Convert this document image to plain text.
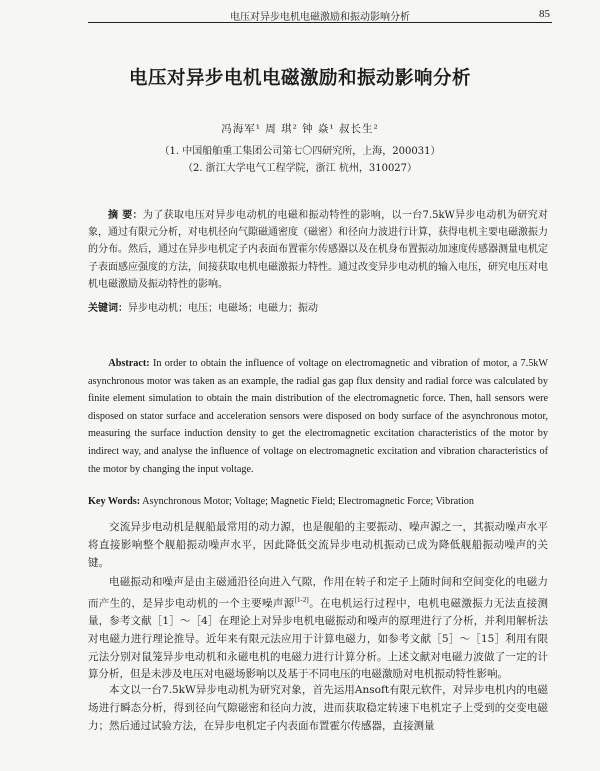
电压对异步电机电磁激励和振动影响分析	85
电压对异步电机电磁激励和振动影响分析
冯海军¹ 周 琪² 钟 焱¹ 叔长生²
（1. 中国船舶重工集团公司第七〇四研究所，上海，200031）
（2. 浙江大学电气工程学院，浙江 杭州，310027）
摘 要：为了获取电压对异步电动机的电磁和振动特性的影响，以一台7.5kW异步电动机为研究对象，通过有限元分析，对电机径向气隙磁通密度（磁密）和径向力波进行计算，获得电机主要电磁激振力的分布。然后，通过在异步电机定子内表面布置霍尔传感器以及在机身布置振动加速度传感器测量电机定子表面感应强度的方法，间接获取电机电磁激振力特性。通过改变异步电动机的输入电压，研究电压对电机电磁激励及振动特性的影响。
关键词：异步电动机；电压；电磁场；电磁力；振动
Abstract: In order to obtain the influence of voltage on electromagnetic and vibration of motor, a 7.5kW asynchronous motor was taken as an example, the radial gas gap flux density and radial force was calculated by finite element simulation to obtain the main distribution of the electromagnetic force. Then, hall sensors were disposed on stator surface and acceleration sensors were disposed on body surface of the asynchronous motor, measuring the surface induction density to get the electromagnetic excitation characteristics of the motor by indirect way, and analyse the influence of voltage on electromagnetic excitation and vibration characteristics of the motor by changing the input voltage.
Key Words: Asynchronous Motor; Voltage; Magnetic Field; Electromagnetic Force; Vibration
交流异步电动机是舰船最常用的动力源，也是舰船的主要振动、噪声源之一，其振动噪声水平将直接影响整个舰船振动噪声水平，因此降低交流异步电动机振动已成为降低舰船振动噪声的关键。
电磁振动和噪声是由主磁通沿径向进入气隙，作用在转子和定子上随时间和空间变化的电磁力而产生的，是异步电动机的一个主要噪声源[1-2]。在电机运行过程中，电机电磁激振力无法直接测量，参考文献［1］～［4］在理论上对异步电机电磁振动和噪声的原理进行了分析，并利用解析法对电磁力进行理论推导。近年来有限元法应用于计算电磁力，如参考文献［5］～［15］利用有限元法分别对鼠笼异步电动机和永磁电机的电磁力进行计算分析。上述文献对电磁力波做了一定的计算分析，但是未涉及电压对电磁场影响以及基于不同电压的电磁激励对电机振动特性影响。
本文以一台7.5kW异步电动机为研究对象，首先运用Ansoft有限元软件，对异步电机内的电磁场进行瞬态分析，得到径向气隙磁密和径向力波，进而获取稳定转速下电机定子上受到的交变电磁力；然后通过试验方法，在异步电机定子内表面布置霍尔传感器，直接测量
